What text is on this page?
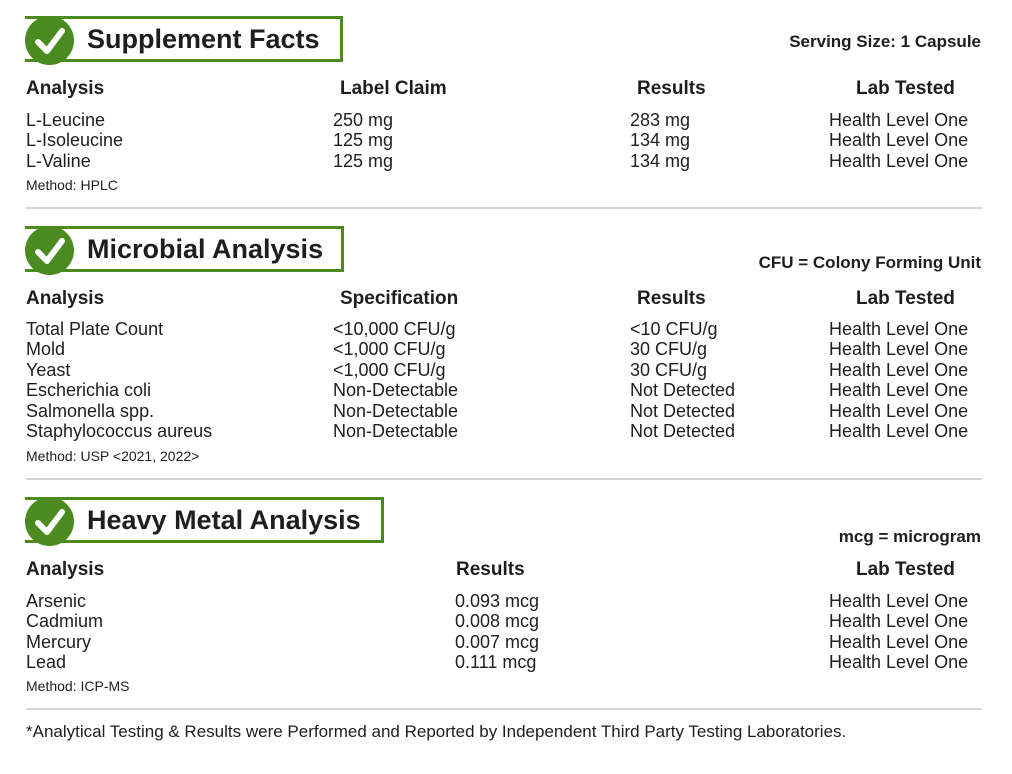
Supplement Facts	Serving Size: 1 Capsule
Analysis	Label Claim	Results	Lab Tested
L-Leucine	250 mg	283 mg	Health Level One
L-Isoleucine	125 mg	134 mg	Health Level One
L-Valine	125 mg	134 mg	Health Level One
Method: HPLC
Microbial Analysis	CFU = Colony Forming Unit
Analysis	Specification	Results	Lab Tested
Total Plate Count	<10,000 CFU/g	<10 CFU/g	Health Level One
Mold	<1,000 CFU/g	30 CFU/g	Health Level One
Yeast	<1,000 CFU/g	30 CFU/g	Health Level One
Escherichia coli	Non-Detectable	Not Detected	Health Level One
Salmonella spp.	Non-Detectable	Not Detected	Health Level One
Staphylococcus aureus	Non-Detectable	Not Detected	Health Level One
Method: USP <2021, 2022>
Heavy Metal Analysis
mcg = microgram
Analysis	Results	Lab Tested
Arsenic	0.093 mcg	Health Level One
Cadmium	0.008 mcg	Health Level One
Mercury	0.007 mcg	Health Level One
Lead	0.111 mcg	Health Level One
Method: ICP-MS
*Analytical Testing & Results were Performed and Reported by Independent Third Party Testing Laboratories.
